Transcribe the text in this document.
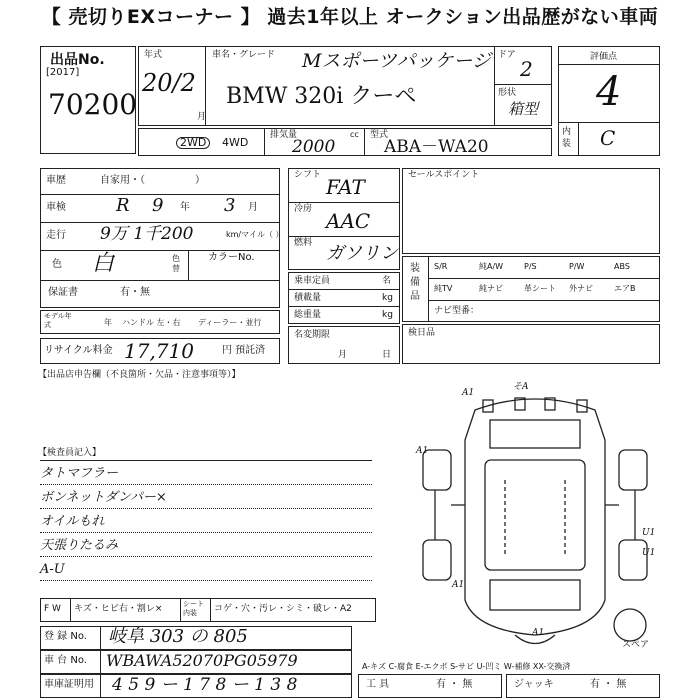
【 売切りEXコーナー 】 過去1年以上 オークション出品歴がない車両
出品No.
[2017]
70200
年式
20/2
月
車名・グレード Mスポーツパッケージ
BMW 320i クーペ
ドア
2
形状
箱型
評価点
4
内装 C
2WD	4WD
排気量	cc
2000
型式
ABA－WA20
車歴	自家用・（　　　　　）
車検	R 9 年 3 月
走行 9万 1千200	km/マイル（ ）
色 白	色替
カラーNo.
保証書	有・無
モデル年式	年 ハンドル 左・右 ディーラー・並行
リサイクル料金 17,710	円 預託済
シフト FAT
冷房 AAC
燃料 ガソリン
乗車定員	名
積載量	kg
総重量	kg
名変期限
月	日
セールスポイント
装備品
S/R	純A/W	P/S	P/W	ABS
純TV	純ナビ	革シート 外ナビ	エアB
ナビ型番：
検日品
【出品店申告欄（不良箇所・欠品・注意事項等）】
【検査員記入】
タトマフラー
ボンネットダンパー×
オイルもれ
天張りたるみ
A-U
A1
そA
A1
A1
A1
U1
U1
スペア
F W キズ・ヒビ右・割レ×	シート内装	コゲ・穴・汚レ・シミ・破レ・A2
登 録 No. 岐阜 303 の 805
車 台 No. WBAWA52070PG05979
車庫証明用 4 5 9 ー 1 7 8 ー 1 3 8
A-キズ C-腐食 E-エクボ S-サビ U-凹ミ W-補修 XX-交換済
工 具	有 ・ 無	ジャッキ	有 ・ 無
